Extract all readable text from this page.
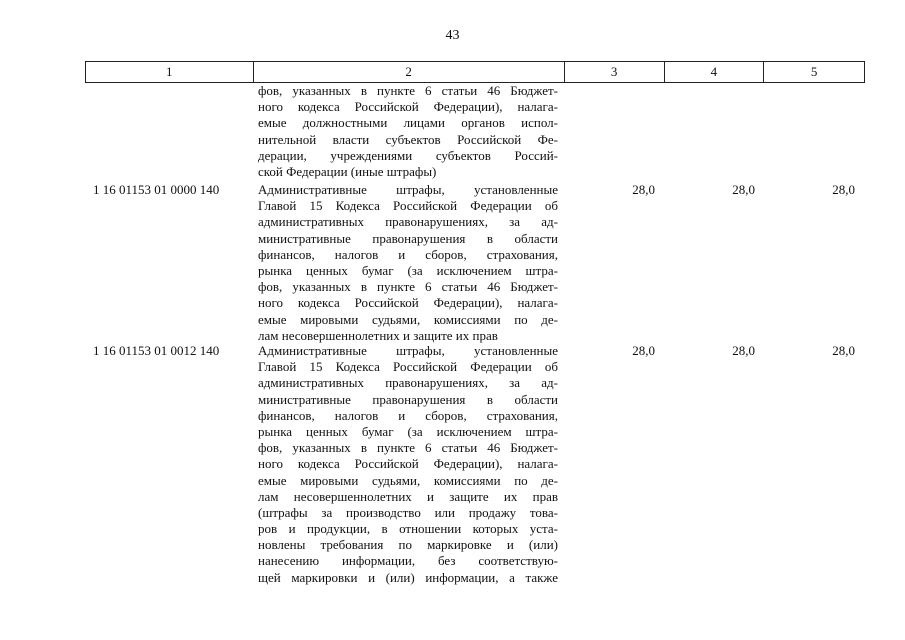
43
1	2	3	4	5
фов, указанных в пункте 6 статьи 46 Бюджет-
ного кодекса Российской Федерации), налага-
емые должностными лицами органов испол-
нительной власти субъектов Российской Фе-
дерации, учреждениями субъектов Россий-
ской Федерации (иные штрафы)
1 16 01153 01 0000 140	Административные штрафы, установленные
Главой 15 Кодекса Российской Федерации об
административных правонарушениях, за ад-
министративные правонарушения в области
финансов, налогов и сборов, страхования,
рынка ценных бумаг (за исключением штра-
фов, указанных в пункте 6 статьи 46 Бюджет-
ного кодекса Российской Федерации), налага-
емые мировыми судьями, комиссиями по де-
лам несовершеннолетних и защите их прав
28,0	28,0	28,0
1 16 01153 01 0012 140	Административные штрафы, установленные
Главой 15 Кодекса Российской Федерации об
административных правонарушениях, за ад-
министративные правонарушения в области
финансов, налогов и сборов, страхования,
рынка ценных бумаг (за исключением штра-
фов, указанных в пункте 6 статьи 46 Бюджет-
ного кодекса Российской Федерации), налага-
емые мировыми судьями, комиссиями по де-
лам несовершеннолетних и защите их прав
(штрафы за производство или продажу това-
ров и продукции, в отношении которых уста-
новлены требования по маркировке и (или)
нанесению информации, без соответствую-
щей маркировки и (или) информации, а также
28,0	28,0	28,0
